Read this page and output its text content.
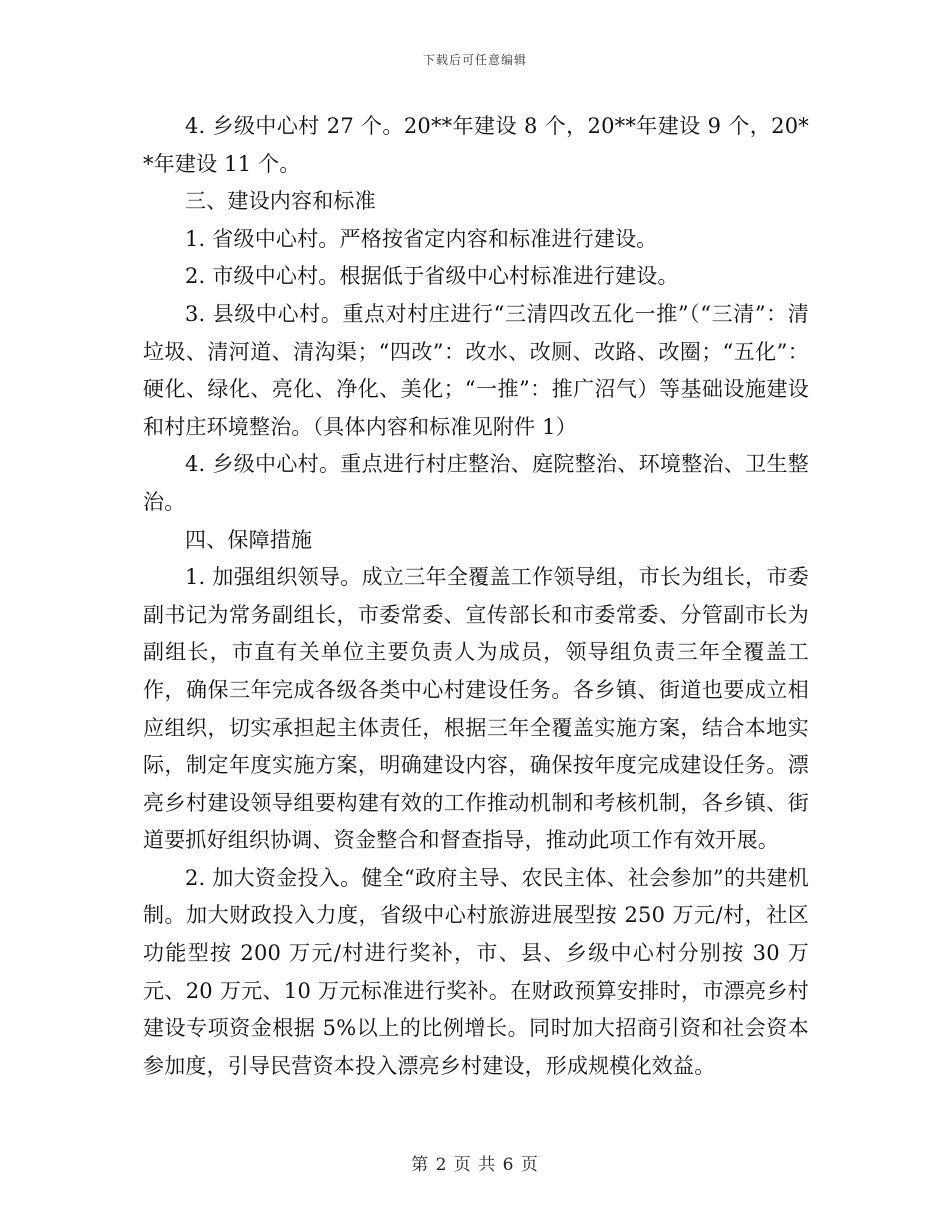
下载后可任意编辑

4. 乡级中心村 27 个。20**年建设 8 个，20**年建设 9 个，20**年建设 11 个。

三、建设内容和标准

1. 省级中心村。严格按省定内容和标准进行建设。

2. 市级中心村。根据低于省级中心村标准进行建设。

3. 县级中心村。重点对村庄进行“三清四改五化一推”（“三清”：清垃圾、清河道、清沟渠；“四改”：改水、改厕、改路、改圈；“五化”：硬化、绿化、亮化、净化、美化；“一推”：推广沼气）等基础设施建设和村庄环境整治。（具体内容和标准见附件 1）

4. 乡级中心村。重点进行村庄整治、庭院整治、环境整治、卫生整治。

四、保障措施

1. 加强组织领导。成立三年全覆盖工作领导组，市长为组长，市委副书记为常务副组长，市委常委、宣传部长和市委常委、分管副市长为副组长，市直有关单位主要负责人为成员，领导组负责三年全覆盖工作，确保三年完成各级各类中心村建设任务。各乡镇、街道也要成立相应组织，切实承担起主体责任，根据三年全覆盖实施方案，结合本地实际，制定年度实施方案，明确建设内容，确保按年度完成建设任务。漂亮乡村建设领导组要构建有效的工作推动机制和考核机制，各乡镇、街道要抓好组织协调、资金整合和督查指导，推动此项工作有效开展。

2. 加大资金投入。健全“政府主导、农民主体、社会参加”的共建机制。加大财政投入力度，省级中心村旅游进展型按 250 万元/村，社区功能型按 200 万元/村进行奖补，市、县、乡级中心村分别按 30 万元、20 万元、10 万元标准进行奖补。在财政预算安排时，市漂亮乡村建设专项资金根据 5%以上的比例增长。同时加大招商引资和社会资本参加度，引导民营资本投入漂亮乡村建设，形成规模化效益。

第 2 页 共 6 页
